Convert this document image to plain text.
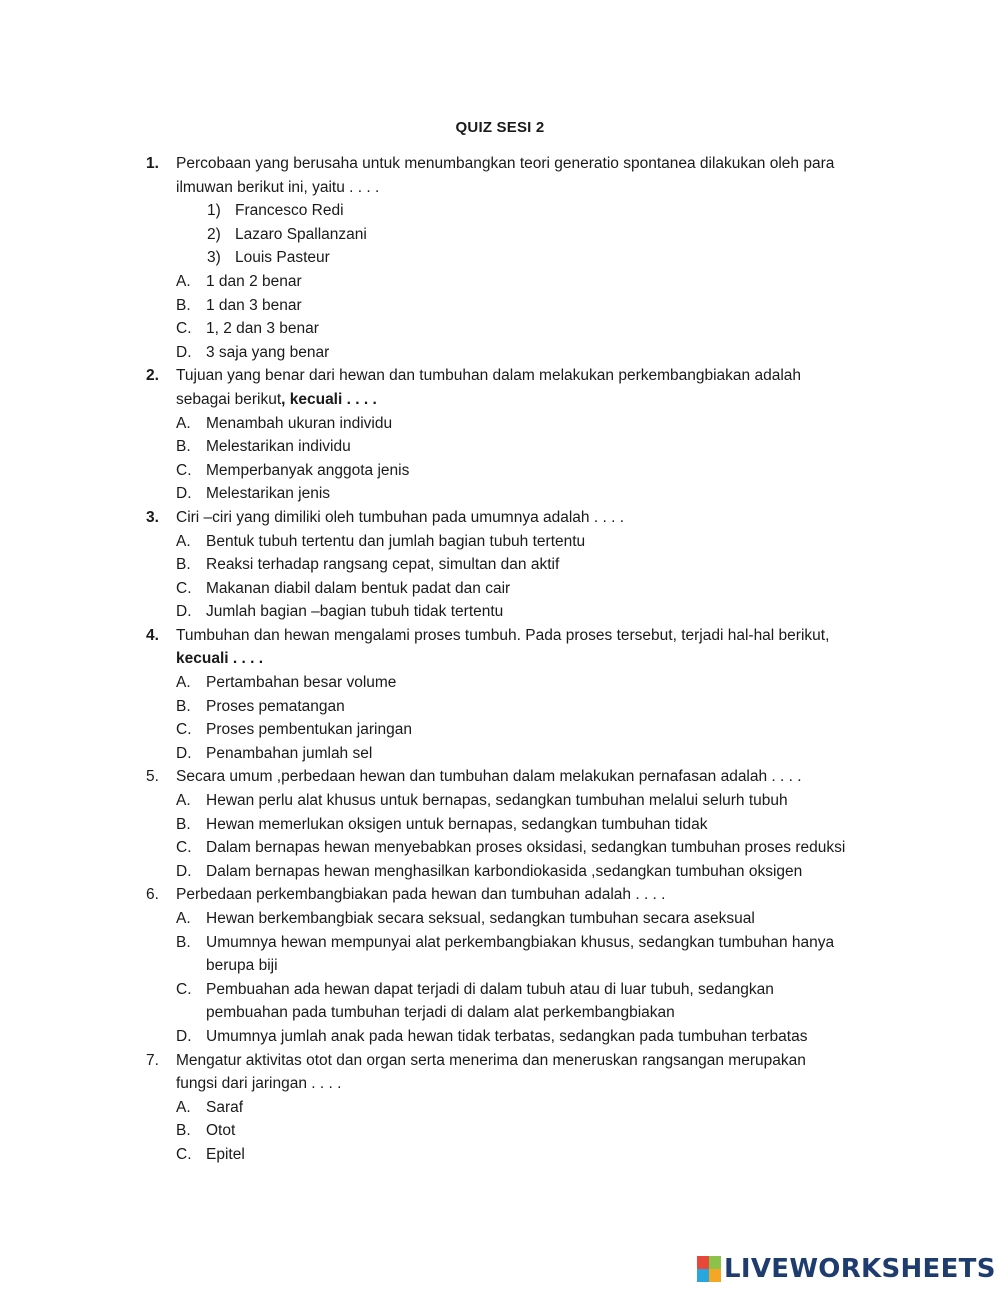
QUIZ SESI 2
1. Percobaan yang berusaha untuk menumbangkan teori generatio spontanea dilakukan oleh para
ilmuwan berikut ini, yaitu . . . .
1) Francesco Redi
2) Lazaro Spallanzani
3) Louis Pasteur
A. 1 dan 2 benar
B. 1 dan 3 benar
C. 1, 2 dan 3 benar
D. 3 saja yang benar
2. Tujuan yang benar dari hewan dan tumbuhan dalam melakukan perkembangbiakan adalah
sebagai berikut, kecuali . . . .
A. Menambah ukuran individu
B. Melestarikan individu
C. Memperbanyak anggota jenis
D. Melestarikan jenis
3. Ciri –ciri yang dimiliki oleh tumbuhan pada umumnya adalah . . . .
A. Bentuk tubuh tertentu dan jumlah bagian tubuh tertentu
B. Reaksi terhadap rangsang cepat, simultan dan aktif
C. Makanan diabil dalam bentuk padat dan cair
D. Jumlah bagian –bagian tubuh tidak tertentu
4. Tumbuhan dan hewan mengalami proses tumbuh. Pada proses tersebut, terjadi hal-hal berikut,
kecuali . . . .
A. Pertambahan besar volume
B. Proses pematangan
C. Proses pembentukan jaringan
D. Penambahan jumlah sel
5. Secara umum ,perbedaan hewan dan tumbuhan dalam melakukan pernafasan adalah . . . .
A. Hewan perlu alat khusus untuk bernapas, sedangkan tumbuhan melalui selurh tubuh
B. Hewan memerlukan oksigen untuk bernapas, sedangkan tumbuhan tidak
C. Dalam bernapas hewan menyebabkan proses oksidasi, sedangkan tumbuhan proses reduksi
D. Dalam bernapas hewan menghasilkan karbondiokasida ,sedangkan tumbuhan oksigen
6. Perbedaan perkembangbiakan pada hewan dan tumbuhan adalah . . . .
A. Hewan berkembangbiak secara seksual, sedangkan tumbuhan secara aseksual
B. Umumnya hewan mempunyai alat perkembangbiakan khusus, sedangkan tumbuhan hanya
berupa biji
C. Pembuahan ada hewan dapat terjadi di dalam tubuh atau di luar tubuh, sedangkan
pembuahan pada tumbuhan terjadi di dalam alat perkembangbiakan
D. Umumnya jumlah anak pada hewan tidak terbatas, sedangkan pada tumbuhan terbatas
7. Mengatur aktivitas otot dan organ serta menerima dan meneruskan rangsangan merupakan
fungsi dari jaringan . . . .
A. Saraf
B. Otot
C. Epitel
LIVEWORKSHEETS
